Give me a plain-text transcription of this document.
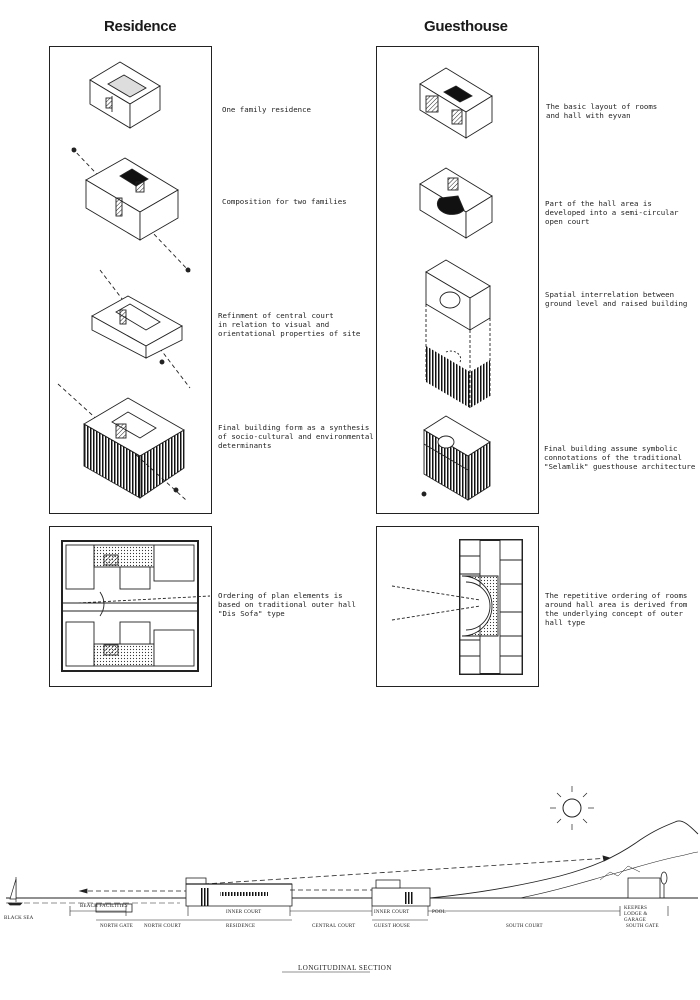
Residence	Guesthouse
One family residence
Composition for two families
Refinment of central court
in relation to visual and
orientational properties of site
Final building form as a synthesis
of socio-cultural and environmental
determinants
Ordering of plan elements is
based on traditional outer hall
"Dis Sofa" type
The basic layout of rooms
and hall with eyvan
Part of the hall area is
developed into a semi-circular
open court
Spatial interrelation between
ground level and raised building
Final building assume symbolic
connotations of the traditional
"Selamlik" guesthouse architecture
The repetitive ordering of rooms
around hall area is derived from
the underlying concept of outer
hall type
BLACK SEA
BEACH FACILITIES
NORTH GATE NORTH COURT
INNER COURT
RESIDENCE	CENTRAL COURT
INNER COURT
GUEST HOUSE
POOL
SOUTH COURT
KEEPERS LODGE & GARAGE
SOUTH GATE
LONGITUDINAL SECTION
